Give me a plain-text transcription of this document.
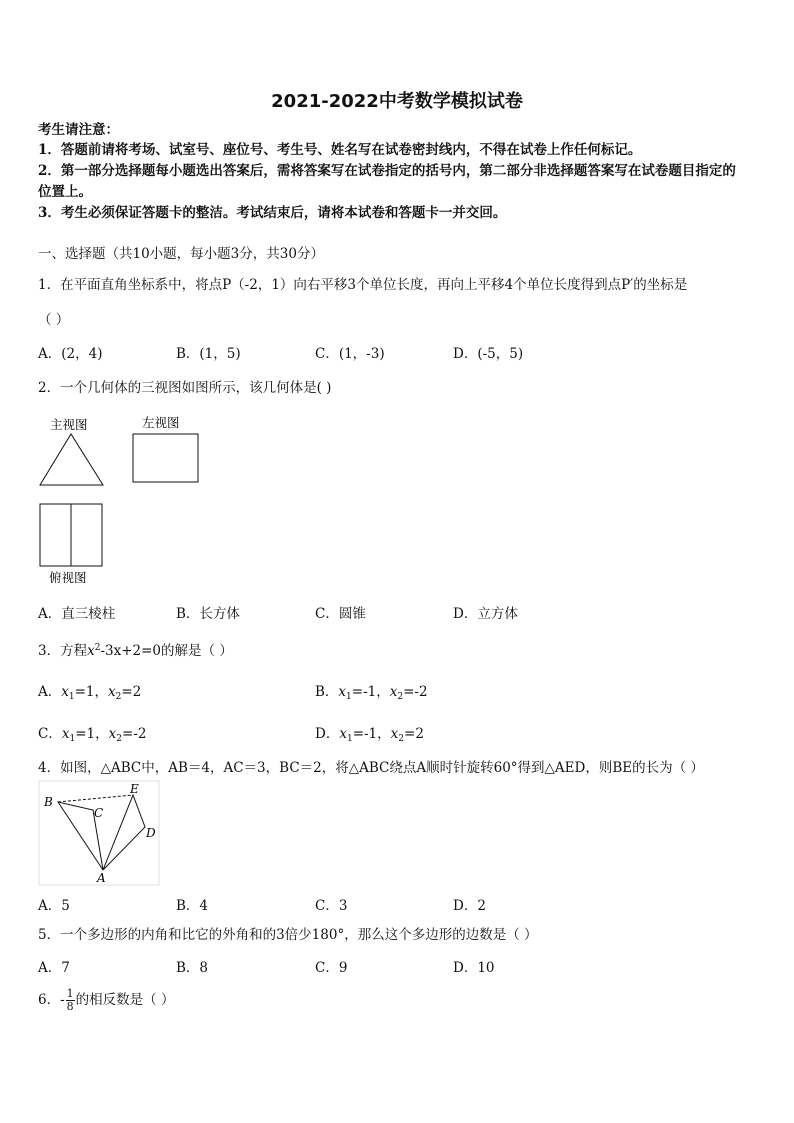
2021-2022中考数学模拟试卷
考生请注意：
1．答题前请将考场、试室号、座位号、考生号、姓名写在试卷密封线内，不得在试卷上作任何标记。
2．第一部分选择题每小题选出答案后，需将答案写在试卷指定的括号内，第二部分非选择题答案写在试卷题目指定的
位置上。
3．考生必须保证答题卡的整洁。考试结束后，请将本试卷和答题卡一并交回。
一、选择题（共10小题，每小题3分，共30分）
1．在平面直角坐标系中，将点P（-2，1）向右平移3个单位长度，再向上平移4个单位长度得到点P′的坐标是
（ ）
A．(2，4)	B．(1，5)	C．(1，-3)	D．(-5，5)
2．一个几何体的三视图如图所示，该几何体是( )
主视图	左视图
俯视图
A．直三棱柱	B．长方体	C．圆锥	D．立方体
3．方程$x^2-3x+2=0$的解是（ ）
A．$x_1=1$，$x_2=2$	B．$x_1=-1$，$x_2=-2$
C．$x_1=1$，$x_2=-2$	D．$x_1=-1$，$x_2=2$
4．如图，△ABC中，AB＝4，AC＝3，BC＝2，将△ABC绕点A顺时针旋转60°得到△AED，则BE的长为（ ）
B
C
E
D
A
A．5	B．4	C．3	D．2
5．一个多边形的内角和比它的外角和的3倍少180°，那么这个多边形的边数是（ ）
A．7	B．8	C．9	D．10
6．- $\frac{1}{8}$ 的相反数是（ ）
